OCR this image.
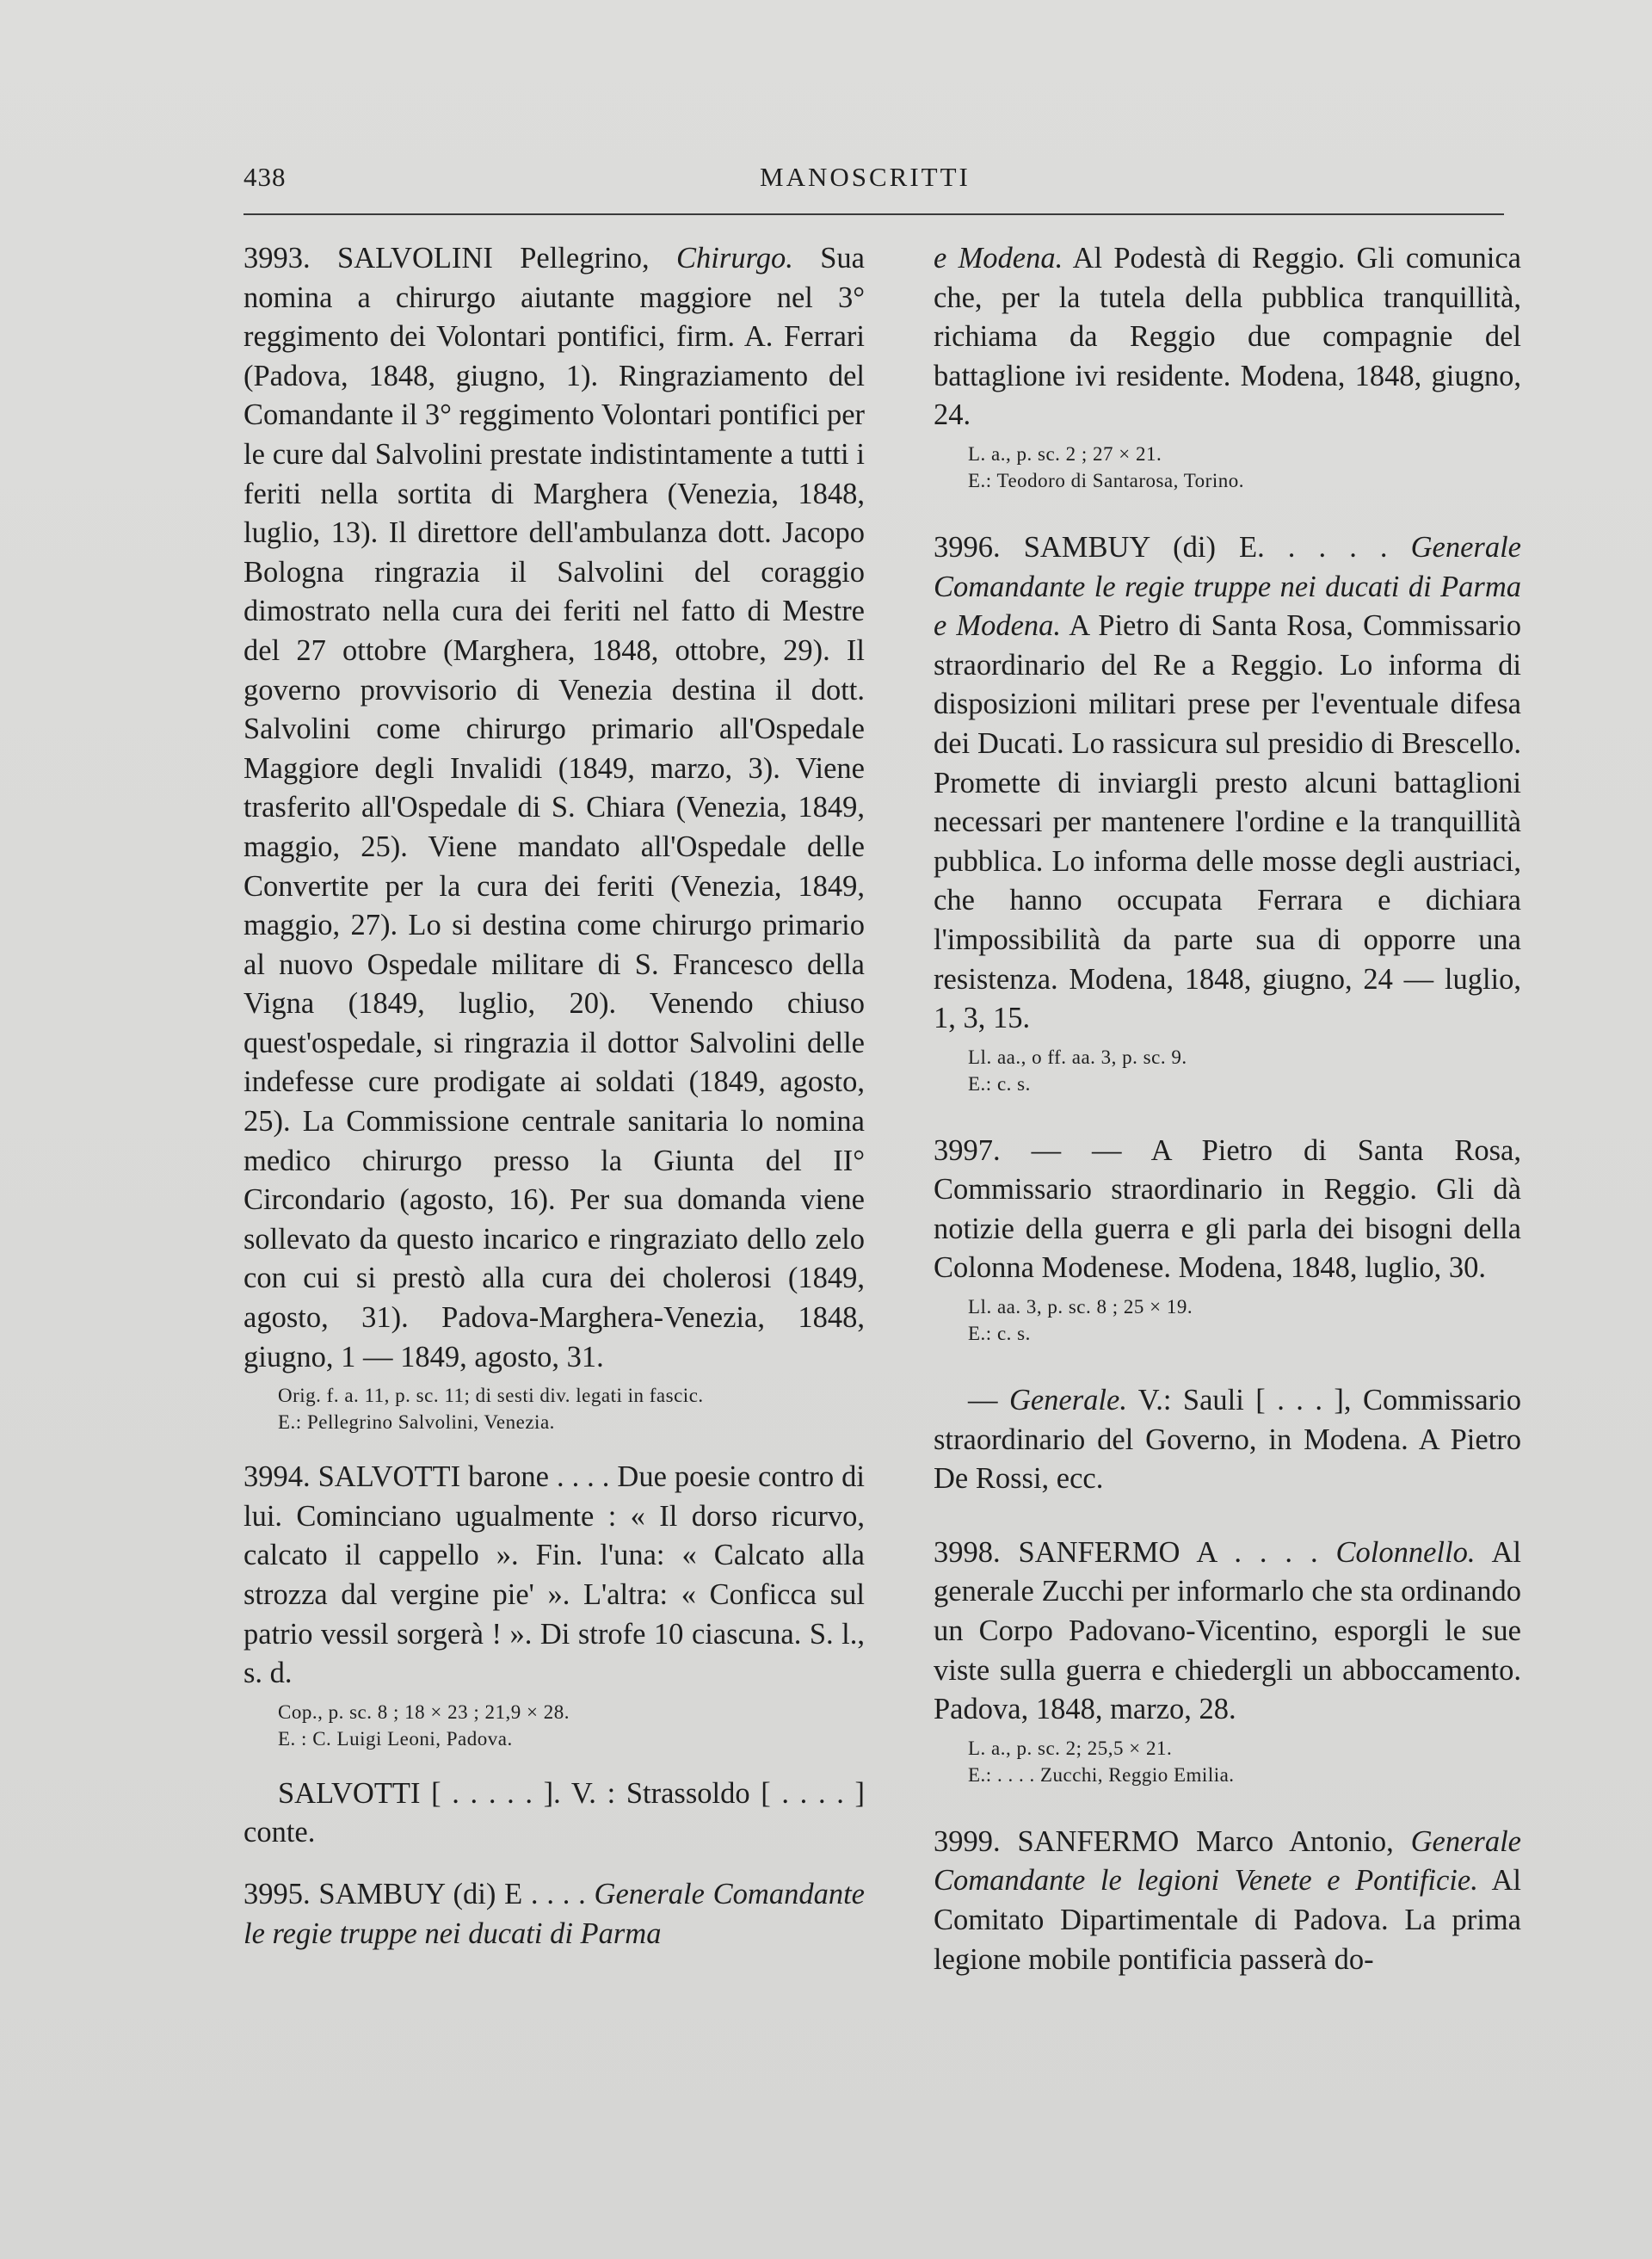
438	MANOSCRITTI

3993. SALVOLINI Pellegrino, Chirurgo. Sua nomina a chirurgo aiutante maggiore nel 3° reggimento dei Volontari pontifici, firm. A. Ferrari (Padova, 1848, giugno, 1). Ringraziamento del Comandante il 3° reggimento Volontari pontifici per le cure dal Salvolini prestate indistintamente a tutti i feriti nella sortita di Marghera (Venezia, 1848, luglio, 13). Il direttore dell'ambulanza dott. Jacopo Bologna ringrazia il Salvolini del coraggio dimostrato nella cura dei feriti nel fatto di Mestre del 27 ottobre (Marghera, 1848, ottobre, 29). Il governo provvisorio di Venezia destina il dott. Salvolini come chirurgo primario all'Ospedale Maggiore degli Invalidi (1849, marzo, 3). Viene trasferito all'Ospedale di S. Chiara (Venezia, 1849, maggio, 25). Viene mandato all'Ospedale delle Convertite per la cura dei feriti (Venezia, 1849, maggio, 27). Lo si destina come chirurgo primario al nuovo Ospedale militare di S. Francesco della Vigna (1849, luglio, 20). Venendo chiuso quest'ospedale, si ringrazia il dottor Salvolini delle indefesse cure prodigate ai soldati (1849, agosto, 25). La Commissione centrale sanitaria lo nomina medico chirurgo presso la Giunta del II° Circondario (agosto, 16). Per sua domanda viene sollevato da questo incarico e ringraziato dello zelo con cui si prestò alla cura dei cholerosi (1849, agosto, 31). Padova-Marghera-Venezia, 1848, giugno, 1 — 1849, agosto, 31.

Orig. f. a. 11, p. sc. 11; di sesti div. legati in fascic.
E.: Pellegrino Salvolini, Venezia.

3994. SALVOTTI barone . . . . Due poesie contro di lui. Cominciano ugualmente : « Il dorso ricurvo, calcato il cappello ». Fin. l'una: « Calcato alla strozza dal vergine pie' ». L'altra: « Conficca sul patrio vessil sorgerà ! ». Di strofe 10 ciascuna. S. l., s. d.

Cop., p. sc. 8 ; 18 × 23 ; 21,9 × 28.
E. : C. Luigi Leoni, Padova.

SALVOTTI [ . . . . . ]. V. : Strassoldo [ . . . . ] conte.

3995. SAMBUY (di) E . . . . Generale Comandante le regie truppe nei ducati di Parma

e Modena. Al Podestà di Reggio. Gli comunica che, per la tutela della pubblica tranquillità, richiama da Reggio due compagnie del battaglione ivi residente. Modena, 1848, giugno, 24.

L. a., p. sc. 2 ; 27 × 21.
E.: Teodoro di Santarosa, Torino.

3996. SAMBUY (di) E. . . . . Generale Comandante le regie truppe nei ducati di Parma e Modena. A Pietro di Santa Rosa, Commissario straordinario del Re a Reggio. Lo informa di disposizioni militari prese per l'eventuale difesa dei Ducati. Lo rassicura sul presidio di Brescello. Promette di inviargli presto alcuni battaglioni necessari per mantenere l'ordine e la tranquillità pubblica. Lo informa delle mosse degli austriaci, che hanno occupata Ferrara e dichiara l'impossibilità da parte sua di opporre una resistenza. Modena, 1848, giugno, 24 — luglio, 1, 3, 15.

Ll. aa., o ff. aa. 3, p. sc. 9.
E.: c. s.

3997. — — A Pietro di Santa Rosa, Commissario straordinario in Reggio. Gli dà notizie della guerra e gli parla dei bisogni della Colonna Modenese. Modena, 1848, luglio, 30.

Ll. aa. 3, p. sc. 8 ; 25 × 19.
E.: c. s.

— Generale. V.: Sauli [ . . . ], Commissario straordinario del Governo, in Modena. A Pietro De Rossi, ecc.

3998. SANFERMO A . . . . Colonnello. Al generale Zucchi per informarlo che sta ordinando un Corpo Padovano-Vicentino, esporgli le sue viste sulla guerra e chiedergli un abboccamento. Padova, 1848, marzo, 28.

L. a., p. sc. 2; 25,5 × 21.
E.: . . . . Zucchi, Reggio Emilia.

3999. SANFERMO Marco Antonio, Generale Comandante le legioni Venete e Pontificie. Al Comitato Dipartimentale di Padova. La prima legione mobile pontificia passerà do-
